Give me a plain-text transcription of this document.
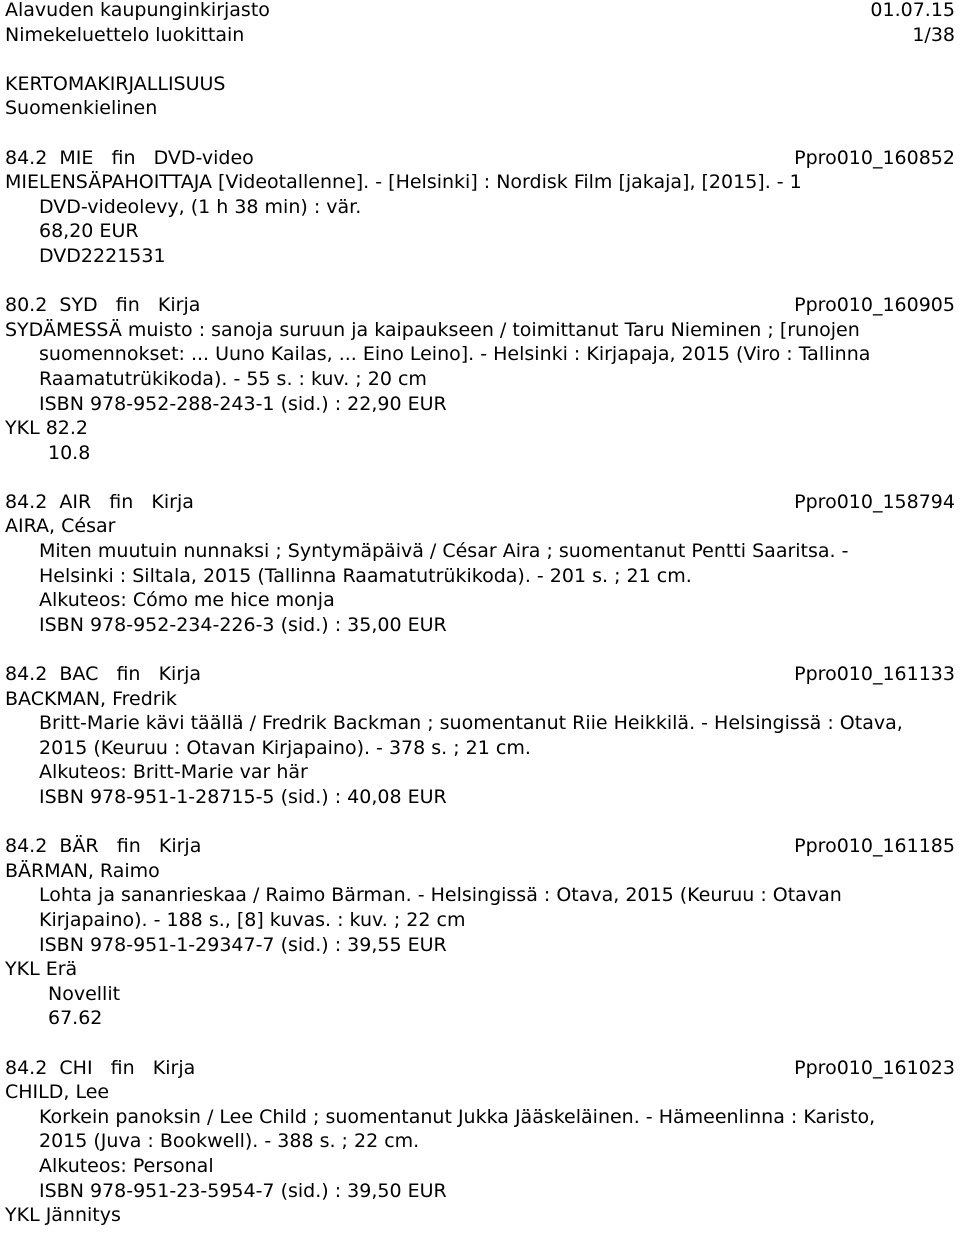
Alavuden kaupunginkirjasto	01.07.15
Nimekeluettelo luokittain	1/38
KERTOMAKIRJALLISUUS
Suomenkielinen
84.2  MIE   fin   DVD-video	Ppro010_160852
MIELENSÄPAHOITTAJA [Videotallenne]. - [Helsinki] : Nordisk Film [jakaja], [2015]. - 1
DVD-videolevy, (1 h 38 min) : vär.
68,20 EUR
DVD2221531
80.2  SYD   fin   Kirja	Ppro010_160905
SYDÄMESSÄ muisto : sanoja suruun ja kaipaukseen / toimittanut Taru Nieminen ; [runojen
suomennokset: ... Uuno Kailas, ... Eino Leino]. - Helsinki : Kirjapaja, 2015 (Viro : Tallinna
Raamatutrükikoda). - 55 s. : kuv. ; 20 cm
ISBN 978-952-288-243-1 (sid.) : 22,90 EUR
YKL 82.2
10.8
84.2  AIR   fin   Kirja	Ppro010_158794
AIRA, César
Miten muutuin nunnaksi ; Syntymäpäivä / César Aira ; suomentanut Pentti Saaritsa. -
Helsinki : Siltala, 2015 (Tallinna Raamatutrükikoda). - 201 s. ; 21 cm.
Alkuteos: Cómo me hice monja
ISBN 978-952-234-226-3 (sid.) : 35,00 EUR
84.2  BAC   fin   Kirja	Ppro010_161133
BACKMAN, Fredrik
Britt-Marie kävi täällä / Fredrik Backman ; suomentanut Riie Heikkilä. - Helsingissä : Otava,
2015 (Keuruu : Otavan Kirjapaino). - 378 s. ; 21 cm.
Alkuteos: Britt-Marie var här
ISBN 978-951-1-28715-5 (sid.) : 40,08 EUR
84.2  BÄR   fin   Kirja	Ppro010_161185
BÄRMAN, Raimo
Lohta ja sananrieskaa / Raimo Bärman. - Helsingissä : Otava, 2015 (Keuruu : Otavan
Kirjapaino). - 188 s., [8] kuvas. : kuv. ; 22 cm
ISBN 978-951-1-29347-7 (sid.) : 39,55 EUR
YKL Erä
Novellit
67.62
84.2  CHI   fin   Kirja	Ppro010_161023
CHILD, Lee
Korkein panoksin / Lee Child ; suomentanut Jukka Jääskeläinen. - Hämeenlinna : Karisto,
2015 (Juva : Bookwell). - 388 s. ; 22 cm.
Alkuteos: Personal
ISBN 978-951-23-5954-7 (sid.) : 39,50 EUR
YKL Jännitys
